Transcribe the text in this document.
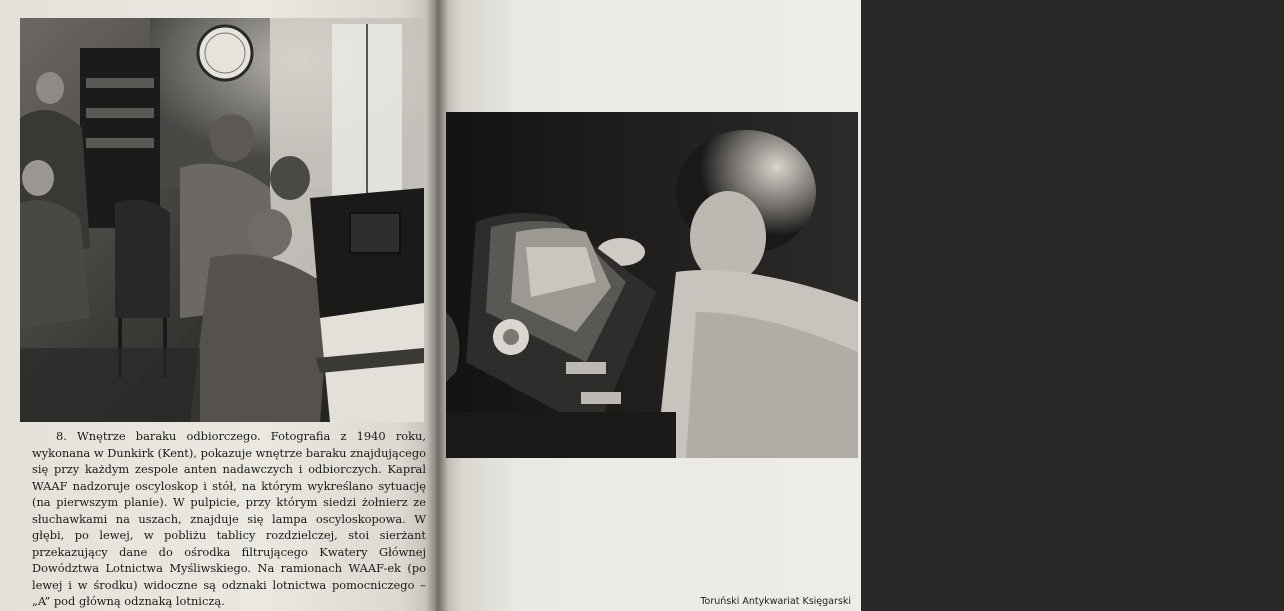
8. Wnętrze baraku odbiorczego. Fotografia z 1940 roku, wykonana w Dunkirk (Kent), pokazuje wnętrze baraku znajdującego się przy każdym zespole anten nadawczych i odbiorczych. Kapral WAAF nadzoruje oscyloskop i stół, na którym wykreślano sytuację (na pierwszym planie). W pulpicie, przy którym siedzi żołnierz ze słuchawkami na uszach, znajduje się lampa oscyloskopowa. W głębi, po lewej, w pobliżu tablicy rozdzielczej, stoi sierżant przekazujący dane do ośrodka filtrującego Kwatery Głównej Dowództwa Lotnictwa Myśliwskiego. Na ramionach WAAF-ek (po lewej i w środku) widoczne są odznaki lotnictwa pomocniczego – „A” pod główną odznaką lotniczą.

9. Przed ekranem lampy oscyloskopowej. Kobiety jako operatorki okazały się niezwykle sprawne przy tej bardzo trudnej i męczącej pracy. Twierdzono je pomimo obaw, że ulegną panice w razie ataku na instalacje. Udowodniły swą przydatność.

Toruński Antykwariat Księgarski
